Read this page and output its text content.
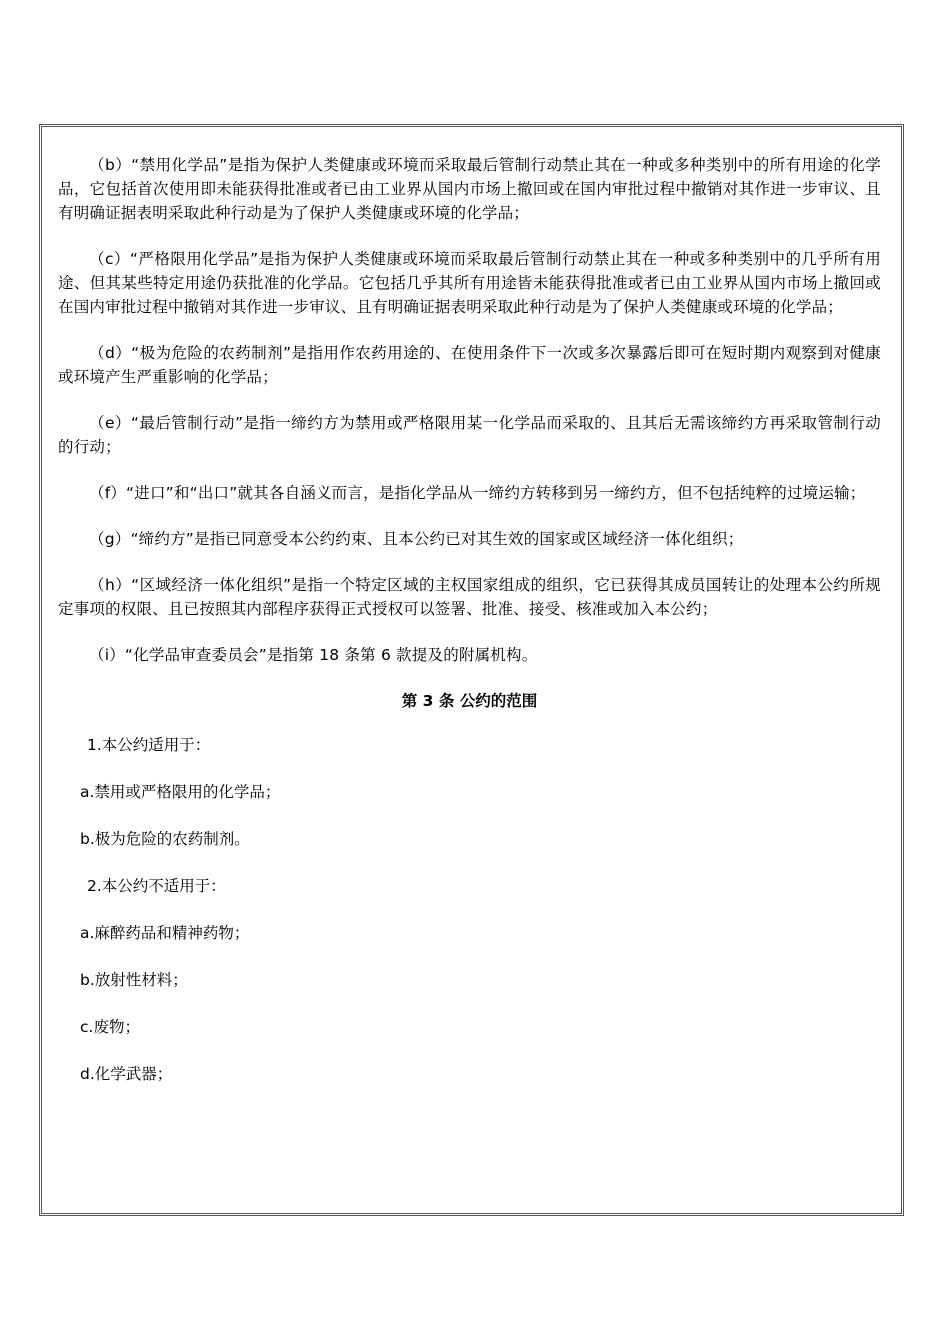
（b）“禁用化学品”是指为保护人类健康或环境而采取最后管制行动禁止其在一种或多种类别中的所有用途的化学品，它包括首次使用即未能获得批准或者已由工业界从国内市场上撤回或在国内审批过程中撤销对其作进一步审议、且有明确证据表明采取此种行动是为了保护人类健康或环境的化学品；

（c）“严格限用化学品”是指为保护人类健康或环境而采取最后管制行动禁止其在一种或多种类别中的几乎所有用途、但其某些特定用途仍获批准的化学品。它包括几乎其所有用途皆未能获得批准或者已由工业界从国内市场上撤回或在国内审批过程中撤销对其作进一步审议、且有明确证据表明采取此种行动是为了保护人类健康或环境的化学品；

（d）“极为危险的农药制剂”是指用作农药用途的、在使用条件下一次或多次暴露后即可在短时期内观察到对健康或环境产生严重影响的化学品；

（e）“最后管制行动”是指一缔约方为禁用或严格限用某一化学品而采取的、且其后无需该缔约方再采取管制行动的行动；

（f）“进口”和“出口”就其各自涵义而言，是指化学品从一缔约方转移到另一缔约方，但不包括纯粹的过境运输；

（g）“缔约方”是指已同意受本公约约束、且本公约已对其生效的国家或区域经济一体化组织；

（h）“区域经济一体化组织”是指一个特定区域的主权国家组成的组织，它已获得其成员国转让的处理本公约所规定事项的权限、且已按照其内部程序获得正式授权可以签署、批准、接受、核准或加入本公约；

（i）“化学品审查委员会”是指第 18 条第 6 款提及的附属机构。

第 3 条 公约的范围
1.本公约适用于：
a.禁用或严格限用的化学品；
b.极为危险的农药制剂。
2.本公约不适用于：
a.麻醉药品和精神药物；
b.放射性材料；
c.废物；
d.化学武器；
